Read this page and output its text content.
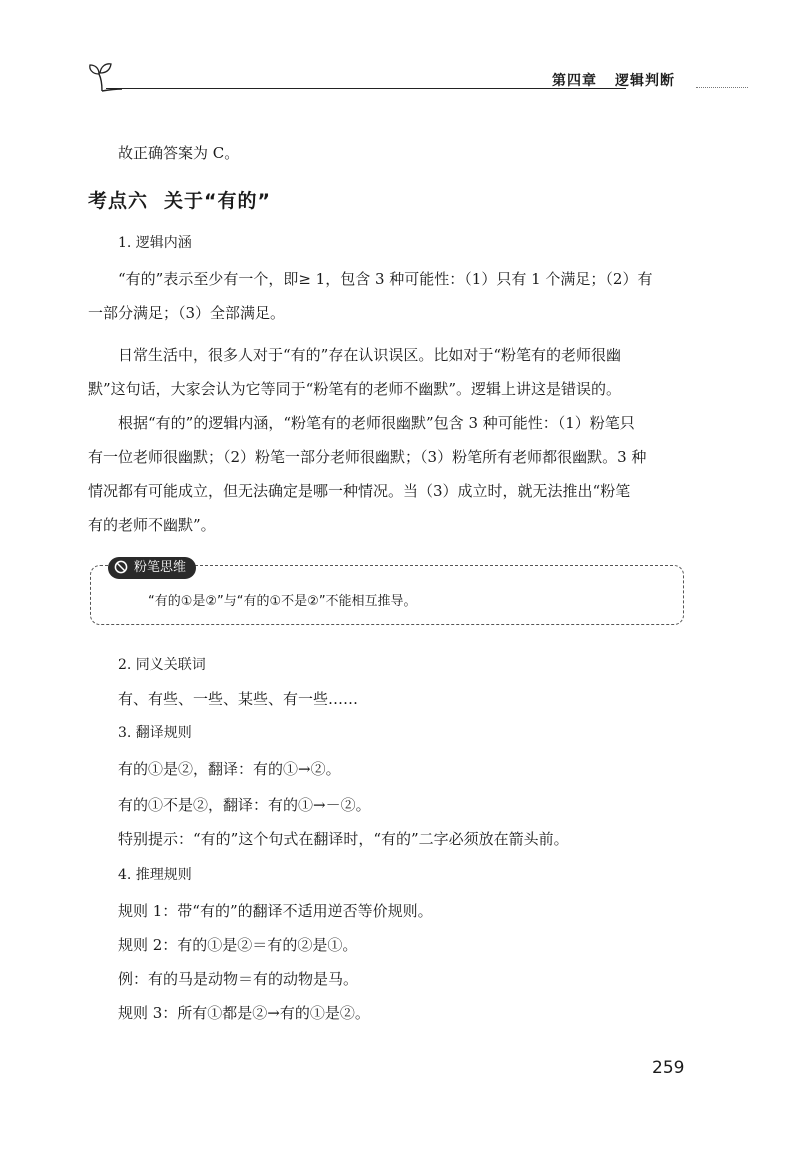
第四章 逻辑判断
故正确答案为 C。
考点六 关于“有的”
1. 逻辑内涵
“有的”表示至少有一个，即≥ 1，包含 3 种可能性：（1）只有 1 个满足；（2）有
一部分满足；（3）全部满足。
日常生活中，很多人对于“有的”存在认识误区。比如对于“粉笔有的老师很幽
默”这句话，大家会认为它等同于“粉笔有的老师不幽默”。逻辑上讲这是错误的。
根据“有的”的逻辑内涵，“粉笔有的老师很幽默”包含 3 种可能性：（1）粉笔只
有一位老师很幽默；（2）粉笔一部分老师很幽默；（3）粉笔所有老师都很幽默。3 种
情况都有可能成立，但无法确定是哪一种情况。当（3）成立时，就无法推出“粉笔
有的老师不幽默”。
粉笔思维
“有的①是②”与“有的①不是②”不能相互推导。
2. 同义关联词
有、有些、一些、某些、有一些……
3. 翻译规则
有的①是②，翻译：有的①→②。
有的①不是②，翻译：有的①→－②。
特别提示：“有的”这个句式在翻译时，“有的”二字必须放在箭头前。
4. 推理规则
规则 1：带“有的”的翻译不适用逆否等价规则。
规则 2：有的①是②＝有的②是①。
例：有的马是动物＝有的动物是马。
规则 3：所有①都是②→有的①是②。
259
